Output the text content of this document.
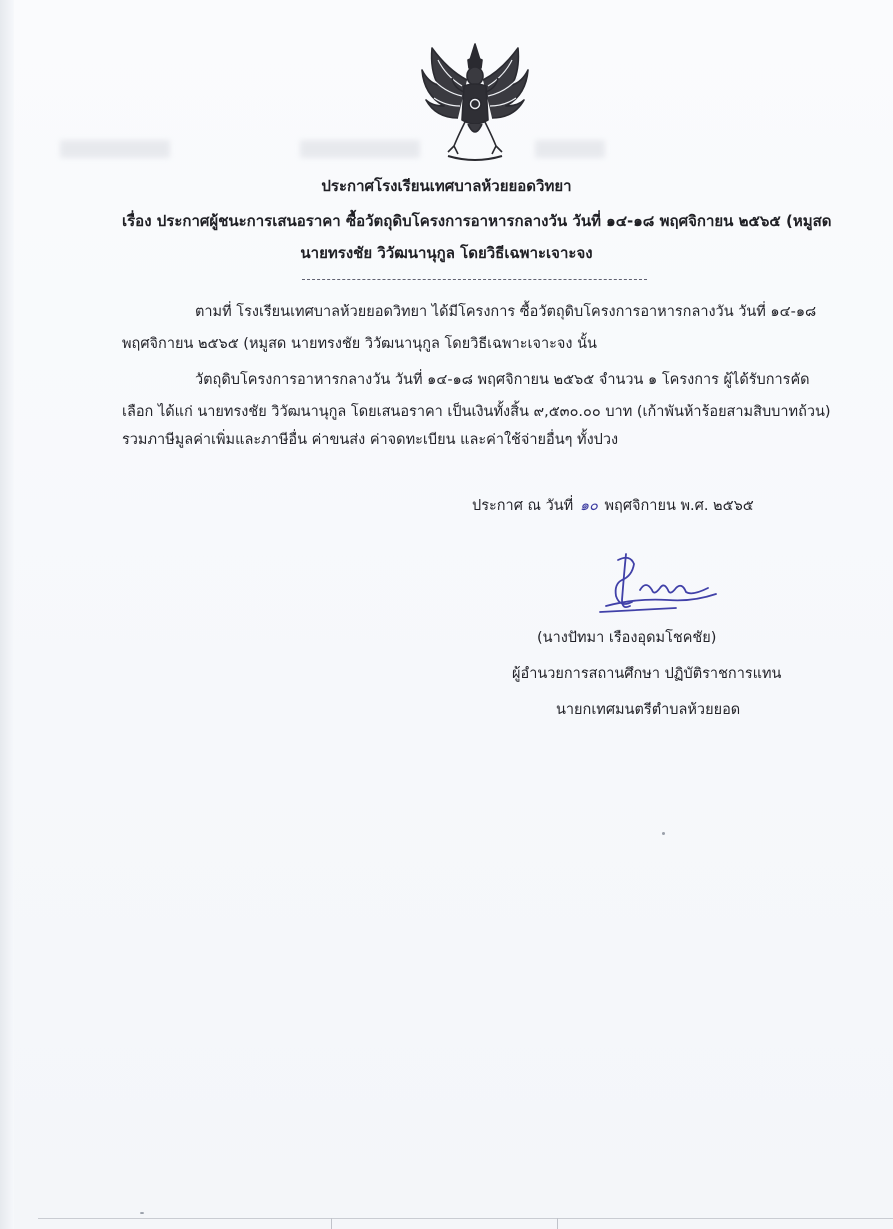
ประกาศโรงเรียนเทศบาลห้วยยอดวิทยา
เรื่อง ประกาศผู้ชนะการเสนอราคา ซื้อวัตถุดิบโครงการอาหารกลางวัน วันที่ ๑๔-๑๘ พฤศจิกายน ๒๕๖๕ (หมูสด
นายทรงชัย วิวัฒนานุกูล โดยวิธีเฉพาะเจาะจง
ตามที่ โรงเรียนเทศบาลห้วยยอดวิทยา ได้มีโครงการ ซื้อวัตถุดิบโครงการอาหารกลางวัน วันที่ ๑๔-๑๘
พฤศจิกายน ๒๕๖๕ (หมูสด นายทรงชัย วิวัฒนานุกูล โดยวิธีเฉพาะเจาะจง นั้น
วัตถุดิบโครงการอาหารกลางวัน วันที่ ๑๔-๑๘ พฤศจิกายน ๒๕๖๕ จำนวน ๑ โครงการ ผู้ได้รับการคัด
เลือก ได้แก่ นายทรงชัย วิวัฒนานุกูล โดยเสนอราคา เป็นเงินทั้งสิ้น ๙,๕๓๐.๐๐ บาท (เก้าพันห้าร้อยสามสิบบาทถ้วน)
รวมภาษีมูลค่าเพิ่มและภาษีอื่น ค่าขนส่ง ค่าจดทะเบียน และค่าใช้จ่ายอื่นๆ ทั้งปวง
ประกาศ ณ วันที่ ๑๐ พฤศจิกายน พ.ศ. ๒๕๖๕
(นางปัทมา เรืองอุดมโชคชัย)
ผู้อำนวยการสถานศึกษา ปฏิบัติราชการแทน
นายกเทศมนตรีตำบลห้วยยอด
